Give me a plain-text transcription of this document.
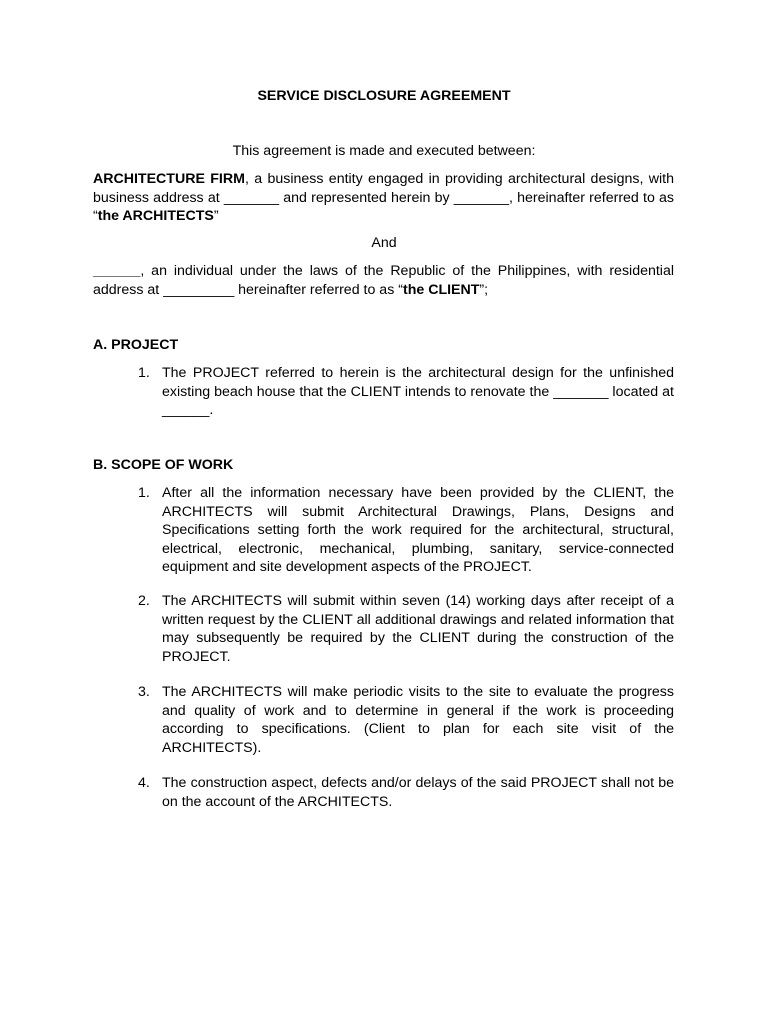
SERVICE DISCLOSURE AGREEMENT
This agreement is made and executed between:
ARCHITECTURE FIRM, a business entity engaged in providing architectural designs, with business address at _______ and represented herein by _______, hereinafter referred to as “the ARCHITECTS”
And
______, an individual under the laws of the Republic of the Philippines, with residential address at _________ hereinafter referred to as “the CLIENT”;
A. PROJECT
1. The PROJECT referred to herein is the architectural design for the unfinished existing beach house that the CLIENT intends to renovate the _______ located at ______.
B. SCOPE OF WORK
1. After all the information necessary have been provided by the CLIENT, the ARCHITECTS will submit Architectural Drawings, Plans, Designs and Specifications setting forth the work required for the architectural, structural, electrical, electronic, mechanical, plumbing, sanitary, service-connected equipment and site development aspects of the PROJECT.
2. The ARCHITECTS will submit within seven (14) working days after receipt of a written request by the CLIENT all additional drawings and related information that may subsequently be required by the CLIENT during the construction of the PROJECT.
3. The ARCHITECTS will make periodic visits to the site to evaluate the progress and quality of work and to determine in general if the work is proceeding according to specifications. (Client to plan for each site visit of the ARCHITECTS).
4. The construction aspect, defects and/or delays of the said PROJECT shall not be on the account of the ARCHITECTS.
